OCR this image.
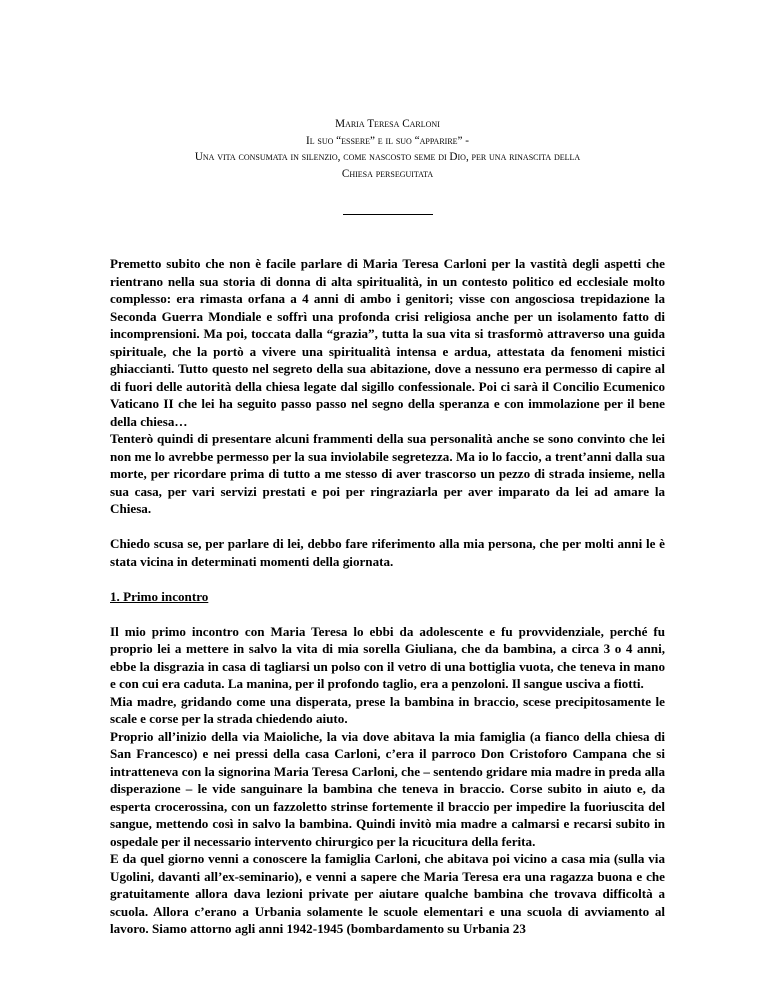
Maria Teresa Carloni
Il suo “essere” e il suo “apparire” -
Una vita consumata in silenzio, come nascosto seme di Dio, per una rinascita della
Chiesa perseguitata

Premetto subito che non è facile parlare di Maria Teresa Carloni per la vastità degli aspetti che rientrano nella sua storia di donna di alta spiritualità, in un contesto politico ed ecclesiale molto complesso: era rimasta orfana a 4 anni di ambo i genitori; visse con angosciosa trepidazione la Seconda Guerra Mondiale e soffrì una profonda crisi religiosa anche per un isolamento fatto di incomprensioni. Ma poi, toccata dalla “grazia”, tutta la sua vita si trasformò attraverso una guida spirituale, che la portò a vivere una spiritualità intensa e ardua, attestata da fenomeni mistici ghiaccianti. Tutto questo nel segreto della sua abitazione, dove a nessuno era permesso di capire al di fuori delle autorità della chiesa legate dal sigillo confessionale. Poi ci sarà il Concilio Ecumenico Vaticano II che lei ha seguito passo passo nel segno della speranza e con immolazione per il bene della chiesa…

Tenterò quindi di presentare alcuni frammenti della sua personalità anche se sono convinto che lei non me lo avrebbe permesso per la sua inviolabile segretezza. Ma io lo faccio, a trent’anni dalla sua morte, per ricordare prima di tutto a me stesso di aver trascorso un pezzo di strada insieme, nella sua casa, per vari servizi prestati e poi per ringraziarla per aver imparato da lei ad amare la Chiesa.

Chiedo scusa se, per parlare di lei, debbo fare riferimento alla mia persona, che per molti anni le è stata vicina in determinati momenti della giornata.

1. Primo incontro

Il mio primo incontro con Maria Teresa lo ebbi da adolescente e fu provvidenziale, perché fu proprio lei a mettere in salvo la vita di mia sorella Giuliana, che da bambina, a circa 3 o 4 anni, ebbe la disgrazia in casa di tagliarsi un polso con il vetro di una bottiglia vuota, che teneva in mano e con cui era caduta. La manina, per il profondo taglio, era a penzoloni. Il sangue usciva a fiotti.

Mia madre, gridando come una disperata, prese la bambina in braccio, scese precipitosamente le scale e corse per la strada chiedendo aiuto.

Proprio all’inizio della via Maioliche, la via dove abitava la mia famiglia (a fianco della chiesa di San Francesco) e nei pressi della casa Carloni, c’era il parroco Don Cristoforo Campana che si intratteneva con la signorina Maria Teresa Carloni, che – sentendo gridare mia madre in preda alla disperazione – le vide sanguinare la bambina che teneva in braccio. Corse subito in aiuto e, da esperta crocerossina, con un fazzoletto strinse fortemente il braccio per impedire la fuoriuscita del sangue, mettendo così in salvo la bambina. Quindi invitò mia madre a calmarsi e recarsi subito in ospedale per il necessario intervento chirurgico per la ricucitura della ferita.

E da quel giorno venni a conoscere la famiglia Carloni, che abitava poi vicino a casa mia (sulla via Ugolini, davanti all’ex-seminario), e venni a sapere che Maria Teresa era una ragazza buona e che gratuitamente allora dava lezioni private per aiutare qualche bambina che trovava difficoltà a scuola. Allora c’erano a Urbania solamente le scuole elementari e una scuola di avviamento al lavoro. Siamo attorno agli anni 1942-1945 (bombardamento su Urbania 23
